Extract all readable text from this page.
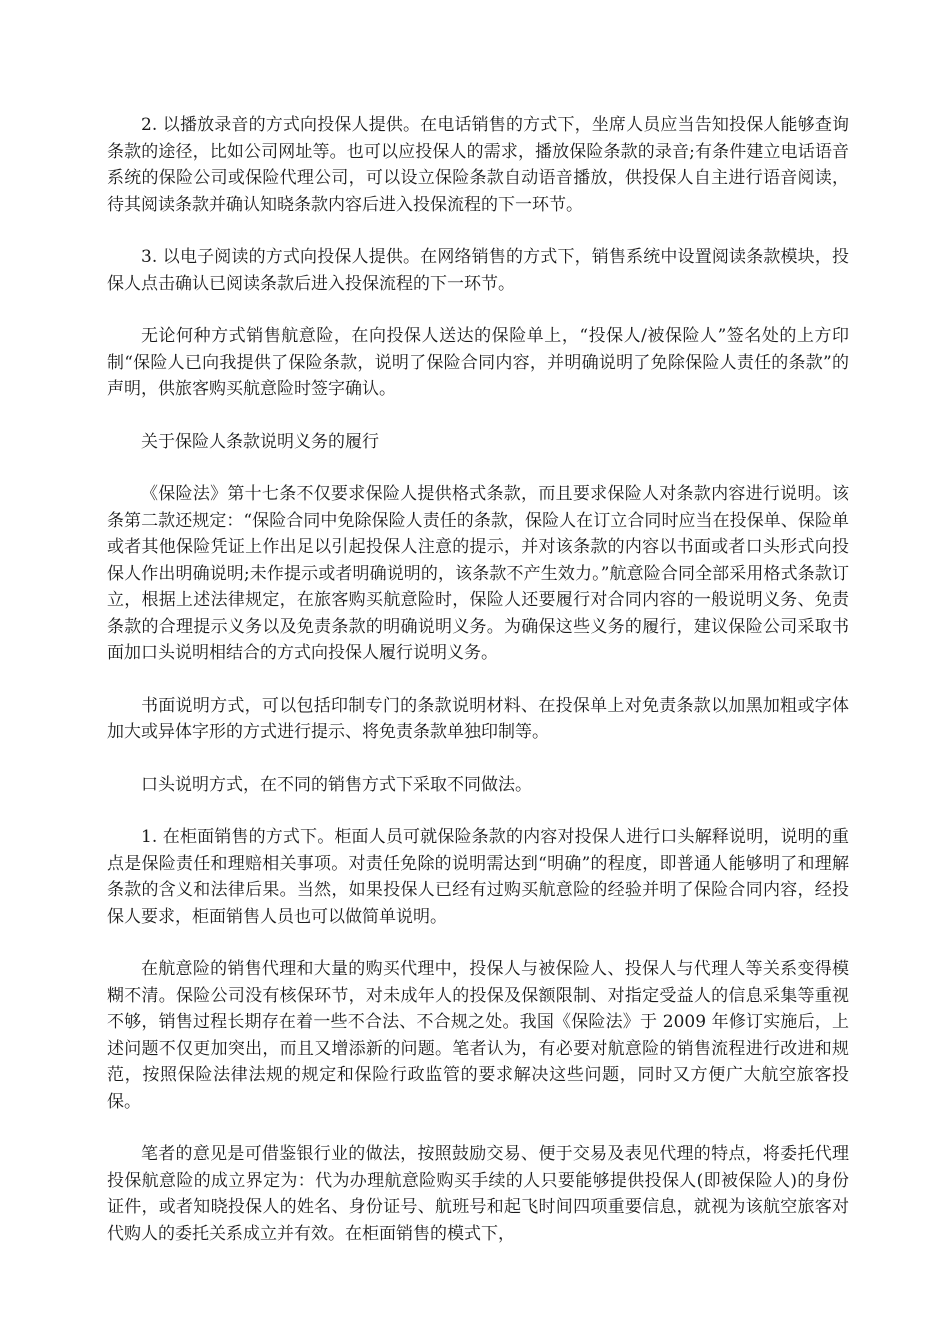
2. 以播放录音的方式向投保人提供。在电话销售的方式下，坐席人员应当告知投保人能够查询条款的途径，比如公司网址等。也可以应投保人的需求，播放保险条款的录音;有条件建立电话语音系统的保险公司或保险代理公司，可以设立保险条款自动语音播放，供投保人自主进行语音阅读，待其阅读条款并确认知晓条款内容后进入投保流程的下一环节。

3. 以电子阅读的方式向投保人提供。在网络销售的方式下，销售系统中设置阅读条款模块，投保人点击确认已阅读条款后进入投保流程的下一环节。

无论何种方式销售航意险，在向投保人送达的保险单上，“投保人/被保险人”签名处的上方印制“保险人已向我提供了保险条款，说明了保险合同内容，并明确说明了免除保险人责任的条款”的声明，供旅客购买航意险时签字确认。

关于保险人条款说明义务的履行

《保险法》第十七条不仅要求保险人提供格式条款，而且要求保险人对条款内容进行说明。该条第二款还规定：“保险合同中免除保险人责任的条款，保险人在订立合同时应当在投保单、保险单或者其他保险凭证上作出足以引起投保人注意的提示，并对该条款的内容以书面或者口头形式向投保人作出明确说明;未作提示或者明确说明的，该条款不产生效力。”航意险合同全部采用格式条款订立，根据上述法律规定，在旅客购买航意险时，保险人还要履行对合同内容的一般说明义务、免责条款的合理提示义务以及免责条款的明确说明义务。为确保这些义务的履行，建议保险公司采取书面加口头说明相结合的方式向投保人履行说明义务。

书面说明方式，可以包括印制专门的条款说明材料、在投保单上对免责条款以加黑加粗或字体加大或异体字形的方式进行提示、将免责条款单独印制等。

口头说明方式，在不同的销售方式下采取不同做法。

1. 在柜面销售的方式下。柜面人员可就保险条款的内容对投保人进行口头解释说明，说明的重点是保险责任和理赔相关事项。对责任免除的说明需达到“明确”的程度，即普通人能够明了和理解条款的含义和法律后果。当然，如果投保人已经有过购买航意险的经验并明了保险合同内容，经投保人要求，柜面销售人员也可以做简单说明。

在航意险的销售代理和大量的购买代理中，投保人与被保险人、投保人与代理人等关系变得模糊不清。保险公司没有核保环节，对未成年人的投保及保额限制、对指定受益人的信息采集等重视不够，销售过程长期存在着一些不合法、不合规之处。我国《保险法》于 2009 年修订实施后，上述问题不仅更加突出，而且又增添新的问题。笔者认为，有必要对航意险的销售流程进行改进和规范，按照保险法律法规的规定和保险行政监管的要求解决这些问题，同时又方便广大航空旅客投保。

笔者的意见是可借鉴银行业的做法，按照鼓励交易、便于交易及表见代理的特点，将委托代理投保航意险的成立界定为：代为办理航意险购买手续的人只要能够提供投保人(即被保险人)的身份证件，或者知晓投保人的姓名、身份证号、航班号和起飞时间四项重要信息，就视为该航空旅客对代购人的委托关系成立并有效。在柜面销售的模式下，
